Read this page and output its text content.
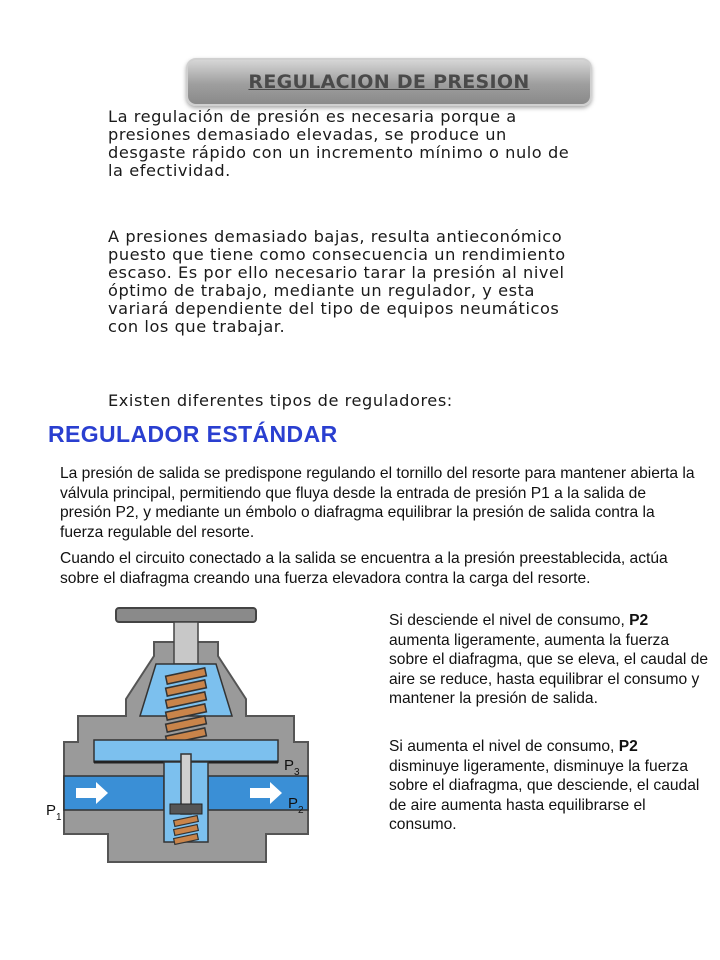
REGULACION DE PRESION

La regulación de presión es necesaria porque a presiones demasiado elevadas, se produce un desgaste rápido con un incremento mínimo o nulo de la efectividad.

A presiones demasiado bajas, resulta antieconómico puesto que tiene como consecuencia un rendimiento escaso. Es por ello necesario tarar la presión al nivel óptimo de trabajo, mediante un regulador, y esta variará dependiente del tipo de equipos neumáticos con los que trabajar.

Existen diferentes tipos de reguladores:

REGULADOR ESTÁNDAR

La presión de salida se predispone regulando el tornillo del resorte para mantener abierta la válvula principal, permitiendo que fluya desde la entrada de presión P1 a la salida de presión P2, y mediante un émbolo o diafragma equilibrar la presión de salida contra la fuerza regulable del resorte.

Cuando el circuito conectado a la salida se encuentra a la presión preestablecida, actúa sobre el diafragma creando una fuerza elevadora contra la carga del resorte.

Si desciende el nivel de consumo, P2 aumenta ligeramente, aumenta la fuerza sobre el diafragma, que se eleva, el caudal de aire se reduce, hasta equilibrar el consumo y mantener la presión de salida.

Si aumenta el nivel de consumo, P2 disminuye ligeramente, disminuye la fuerza sobre el diafragma, que desciende, el caudal de aire aumenta hasta equilibrarse el consumo.

$P_1$
$P_2$
$P_3$
